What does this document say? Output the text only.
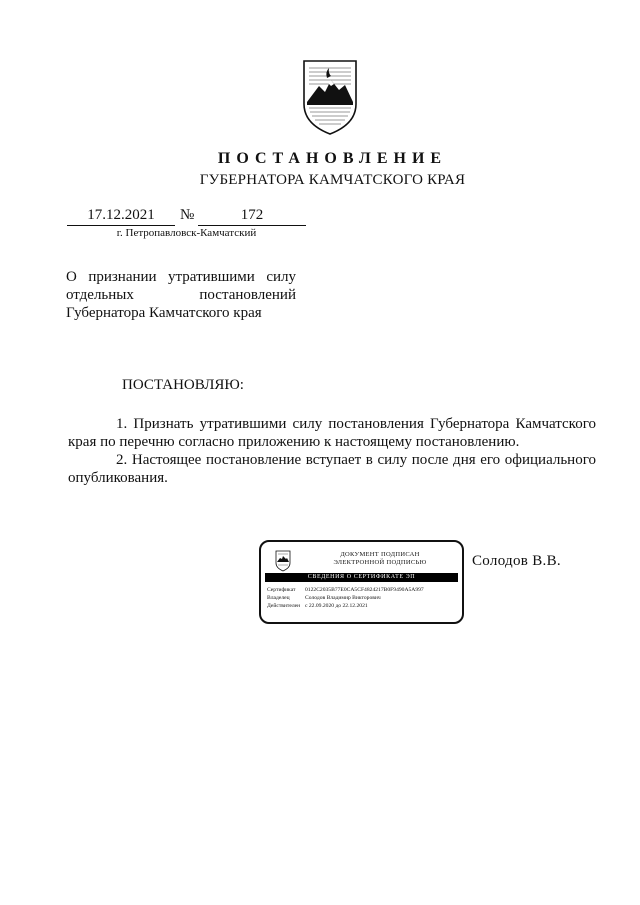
ПОСТАНОВЛЕНИЕ
ГУБЕРНАТОРА КАМЧАТСКОГО КРАЯ
17.12.2021	№	172
г. Петропавловск-Камчатский
О признании утратившими силу
отдельных постановлений
Губернатора Камчатского края
ПОСТАНОВЛЯЮ:

1. Признать утратившими силу постановления Губернатора Камчатского края по перечню согласно приложению к настоящему постановлению.

2. Настоящее постановление вступает в силу после дня его официального опубликования.

ДОКУМЕНТ ПОДПИСАН
ЭЛЕКТРОННОЙ ПОДПИСЬЮ
СВЕДЕНИЯ О СЕРТИФИКАТЕ ЭП
Сертификат	0122C2035B77E0CA5CF4824217B0F9490A5A997
Владелец	Солодов Владимир Викторович
Действителен с 22.09.2020 до 22.12.2021
Солодов В.В.
